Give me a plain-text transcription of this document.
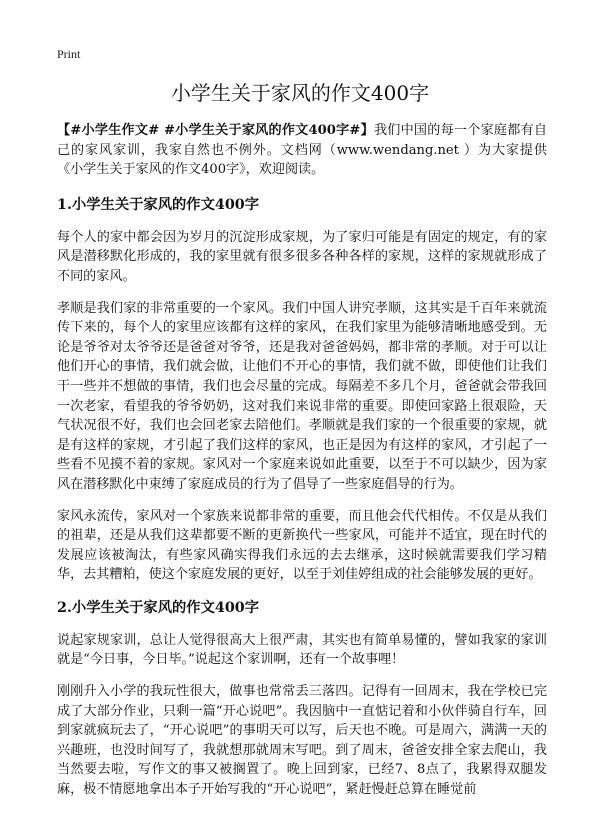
Print
小学生关于家风的作文400字

【#小学生作文# #小学生关于家风的作文400字#】我们中国的每一个家庭都有自己的家风家训，我家自然也不例外。文档网（www.wendang.net ）为大家提供《小学生关于家风的作文400字》，欢迎阅读。

1.小学生关于家风的作文400字

每个人的家中都会因为岁月的沉淀形成家规，为了家归可能是有固定的规定，有的家风是潜移默化形成的，我的家里就有很多很多各种各样的家规，这样的家规就形成了不同的家风。

孝顺是我们家的非常重要的一个家风。我们中国人讲究孝顺，这其实是千百年来就流传下来的，每个人的家里应该都有这样的家风，在我们家里为能够清晰地感受到。无论是爷爷对太爷爷还是爸爸对爷爷，还是我对爸爸妈妈，都非常的孝顺。对于可以让他们开心的事情，我们就会做，让他们不开心的事情，我们就不做，即使他们让我们干一些并不想做的事情，我们也会尽量的完成。每隔差不多几个月，爸爸就会带我回一次老家，看望我的爷爷奶奶，这对我们来说非常的重要。即使回家路上很艰险，天气状况很不好，我们也会回老家去陪他们。孝顺就是我们家的一个很重要的家规，就是有这样的家规，才引起了我们这样的家风，也正是因为有这样的家风，才引起了一些看不见摸不着的家规。家风对一个家庭来说如此重要，以至于不可以缺少，因为家风在潜移默化中束缚了家庭成员的行为了倡导了一些家庭倡导的行为。

家风永流传，家风对一个家族来说都非常的重要，而且他会代代相传。不仅是从我们的祖辈，还是从我们这辈都要不断的更新换代一些家风，可能并不适宜，现在时代的发展应该被淘汰，有些家风确实得我们永远的去去继承，这时候就需要我们学习精华，去其糟粕，使这个家庭发展的更好，以至于刘佳婷组成的社会能够发展的更好。

2.小学生关于家风的作文400字

说起家规家训，总让人觉得很高大上很严肃，其实也有简单易懂的，譬如我家的家训就是“今日事，今日毕。”说起这个家训啊，还有一个故事哩！

刚刚升入小学的我玩性很大，做事也常常丢三落四。记得有一回周末，我在学校已完成了大部分作业，只剩一篇“开心说吧”。我因脑中一直惦记着和小伙伴骑自行车，回到家就疯玩去了，“开心说吧”的事明天可以写，后天也不晚。可是周六，满满一天的兴趣班，也没时间写了，我就想那就周末写吧。到了周末，爸爸安排全家去爬山，我当然要去啦，写作文的事又被搁置了。晚上回到家，已经7、8点了，我累得双腿发麻，极不情愿地拿出本子开始写我的“开心说吧”，紧赶慢赶总算在睡觉前
